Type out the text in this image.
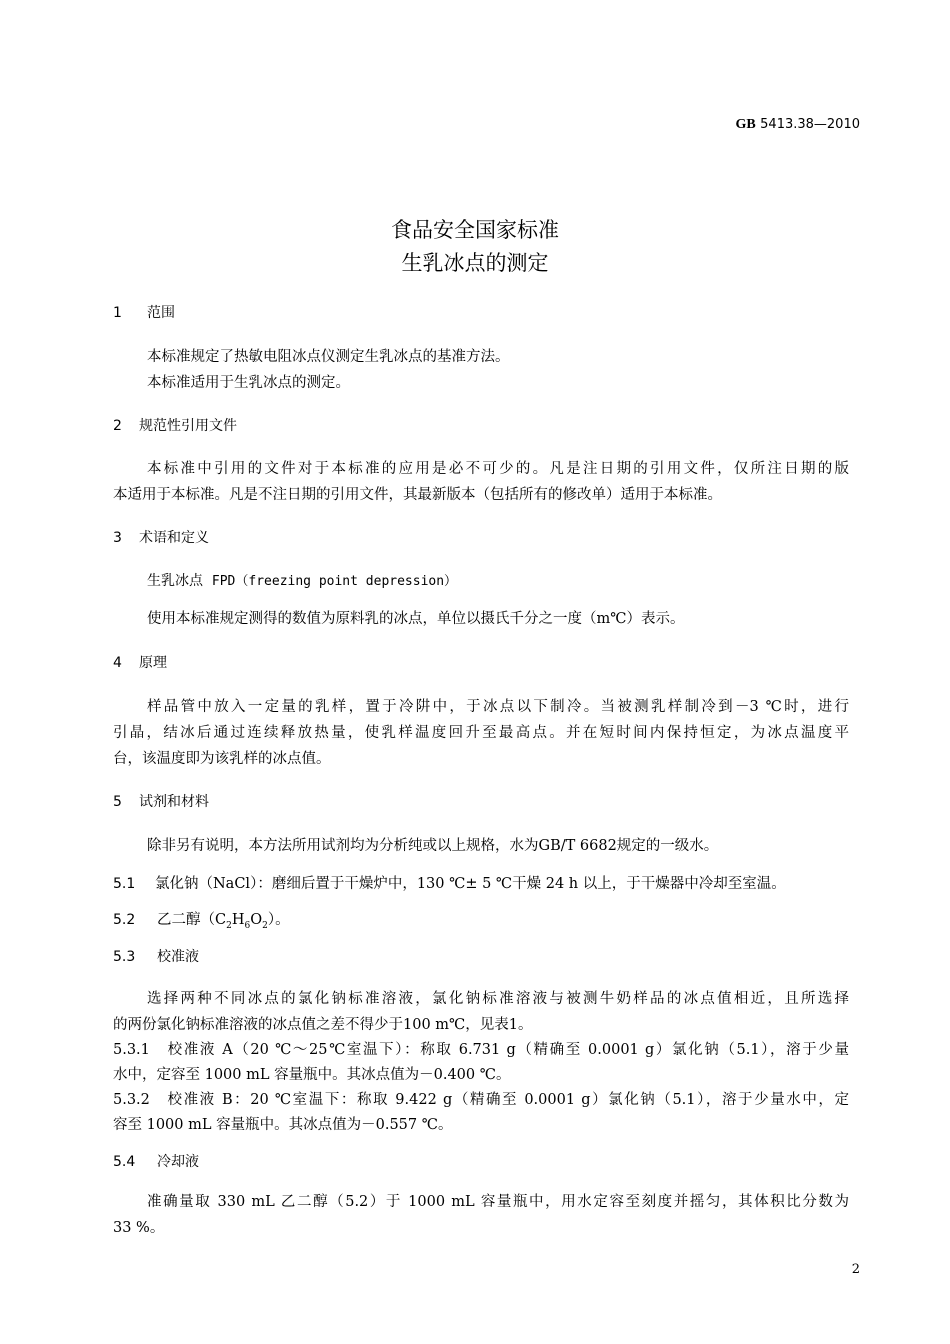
GB 5413.38—2010
食品安全国家标准
生乳冰点的测定
1 范围
本标准规定了热敏电阻冰点仪测定生乳冰点的基准方法。
本标准适用于生乳冰点的测定。
2 规范性引用文件
本标准中引用的文件对于本标准的应用是必不可少的。凡是注日期的引用文件，仅所注日期的版
本适用于本标准。凡是不注日期的引用文件，其最新版本（包括所有的修改单）适用于本标准。
3 术语和定义
生乳冰点 FPD（freezing point depression）
使用本标准规定测得的数值为原料乳的冰点，单位以摄氏千分之一度（m℃）表示。
4 原理
样品管中放入一定量的乳样，置于冷阱中，于冰点以下制冷。当被测乳样制冷到－3 ℃时，进行
引晶，结冰后通过连续释放热量，使乳样温度回升至最高点。并在短时间内保持恒定，为冰点温度平
台，该温度即为该乳样的冰点值。
5 试剂和材料
除非另有说明，本方法所用试剂均为分析纯或以上规格，水为GB/T 6682规定的一级水。
5.1 氯化钠（NaCl）：磨细后置于干燥炉中，130 ℃± 5 ℃干燥 24 h 以上，于干燥器中冷却至室温。
5.2 乙二醇$(C_2H_6O_2)$。
5.3 校准液
选择两种不同冰点的氯化钠标准溶液，氯化钠标准溶液与被测牛奶样品的冰点值相近，且所选择
的两份氯化钠标准溶液的冰点值之差不得少于100 m℃，见表1。
5.3.1　校准液 A（20 ℃～25℃室温下）：称取 6.731 g（精确至 0.0001 g）氯化钠（5.1），溶于少量
水中，定容至 1000 mL 容量瓶中。其冰点值为－0.400 ℃。
5.3.2　校准液 B：20 ℃室温下：称取 9.422 g（精确至 0.0001 g）氯化钠（5.1），溶于少量水中，定
容至 1000 mL 容量瓶中。其冰点值为－0.557 ℃。
5.4 冷却液
准确量取 330 mL 乙二醇（5.2）于 1000 mL 容量瓶中，用水定容至刻度并摇匀，其体积比分数为
33 %。
2
